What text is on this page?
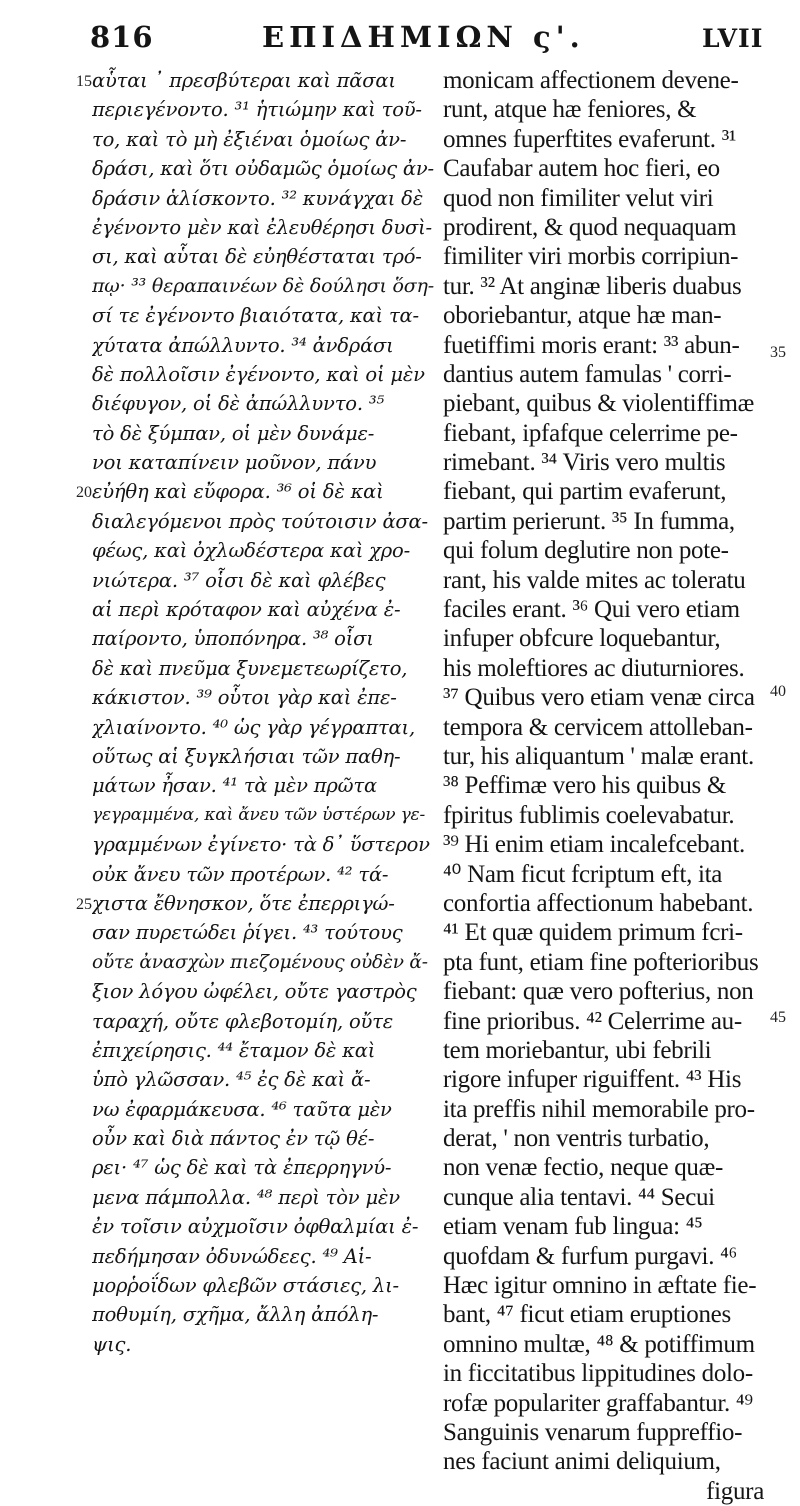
816	ΕΠΙΔΗΜΙΩΝ ς'.	LVII
αὗται ᾽ πρεσβύτεραι καὶ πᾶσαι
περιεγένοντο. ³¹ ἡτιώμην καὶ τοῦ-
το, καὶ τὸ μὴ ἐξιέναι ὁμοίως ἀν-
δράσι, καὶ ὅτι οὐδαμῶς ὁμοίως ἀν-
δράσιν ἁλίσκοντο. ³² κυνάγχαι δὲ
ἐγένοντο μὲν καὶ ἐλευθέρησι δυσὶ-
σι, καὶ αὗται δὲ εὐηθέσταται τρό-
πῳ· ³³ θεραπαινέων δὲ δούλησι ὅση-
σί τε ἐγένοντο βιαιότατα, καὶ τα-
χύτατα ἀπώλλυντο. ³⁴ ἀνδράσι
δὲ πολλοῖσιν ἐγένοντο, καὶ οἱ μὲν
διέφυγον, οἱ δὲ ἀπώλλυντο. ³⁵
τὸ δὲ ξύμπαν, οἱ μὲν δυνάμε-
νοι καταπίνειν μοῦνον, πάνυ
εὐήθη καὶ εὔφορα. ³⁶ οἱ δὲ καὶ
διαλεγόμενοι πρὸς τούτοισιν ἀσα-
φέως, καὶ ὀχλωδέστερα καὶ χρο-
νιώτερα. ³⁷ οἷσι δὲ καὶ φλέβες
αἱ περὶ κρόταφον καὶ αὐχένα ἐ-
παίροντο, ὑποπόνηρα. ³⁸ οἷσι
δὲ καὶ πνεῦμα ξυνεμετεωρίζετο,
κάκιστον. ³⁹ οὗτοι γὰρ καὶ ἐπε-
χλιαίνοντο. ⁴⁰ ὡς γὰρ γέγραπται,
οὕτως αἱ ξυγκλήσιαι τῶν παθη-
μάτων ἦσαν. ⁴¹ τὰ μὲν πρῶτα
γεγραμμένα, καὶ ἄνευ τῶν ὑστέρων γε-
γραμμένων ἐγίνετο· τὰ δ᾽ ὕστερον
οὐκ ἄνευ τῶν προτέρων. ⁴² τά-
χιστα ἔθνησκον, ὅτε ἐπερριγώ-
σαν πυρετώδει ῥίγει. ⁴³ τούτους
οὔτε ἀνασχὼν πιεζομένους οὐδὲν ἄ-
ξιον λόγου ὠφέλει, οὔτε γαστρὸς
ταραχή, οὔτε φλεβοτομίη, οὔτε
ἐπιχείρησις. ⁴⁴ ἔταμον δὲ καὶ
ὑπὸ γλῶσσαν. ⁴⁵ ἐς δὲ καὶ ἄ-
νω ἐφαρμάκευσα. ⁴⁶ ταῦτα μὲν
οὖν καὶ διὰ πάντος ἐν τῷ θέ-
ρει· ⁴⁷ ὡς δὲ καὶ τὰ ἐπερρηγνύ-
μενα πάμπολλα. ⁴⁸ περὶ τὸν μὲν
ἐν τοῖσιν αὐχμοῖσιν ὀφθαλμίαι ἐ-
πεδήμησαν ὀδυνώδεες. ⁴⁹ Αἱ-
μορῥοΐδων φλεβῶν στάσιες, λι-
ποθυμίη, σχῆμα, ἄλλη ἀπόλη-
ψις.
monicam affectionem devene-
runt, atque hæ feniores, &
omnes fuperftites evaferunt. ³¹
Caufabar autem hoc fieri, eo
quod non fimiliter velut viri
prodirent, & quod nequaquam
fimiliter viri morbis corripiun-
tur. ³² At anginæ liberis duabus
oboriebantur, atque hæ man-
fuetiffimi moris erant: ³³ abun-
dantius autem famulas ' corri-
piebant, quibus & violentiffimæ
fiebant, ipfafque celerrime pe-
rimebant. ³⁴ Viris vero multis
fiebant, qui partim evaferunt,
partim perierunt. ³⁵ In fumma,
qui folum deglutire non pote-
rant, his valde mites ac toleratu
faciles erant. ³⁶ Qui vero etiam
infuper obfcure loquebantur,
his moleftiores ac diuturniores.
³⁷ Quibus vero etiam venæ circa
tempora & cervicem attolleban-
tur, his aliquantum ' malæ erant.
³⁸ Peffimæ vero his quibus &
fpiritus fublimis coelevabatur.
³⁹ Hi enim etiam incalefcebant.
⁴⁰ Nam ficut fcriptum eft, ita
confortia affectionum habebant.
⁴¹ Et quæ quidem primum fcri-
pta funt, etiam fine pofterioribus
fiebant: quæ vero pofterius, non
fine prioribus. ⁴² Celerrime au-
tem moriebantur, ubi febrili
rigore infuper riguiffent. ⁴³ His
ita preffis nihil memorabile pro-
derat, ' non ventris turbatio,
non venæ fectio, neque quæ-
cunque alia tentavi. ⁴⁴ Secui
etiam venam fub lingua: ⁴⁵
quofdam & furfum purgavi. ⁴⁶
Hæc igitur omnino in æftate fie-
bant, ⁴⁷ ficut etiam eruptiones
omnino multæ, ⁴⁸ & potiffimum
in ficcitatibus lippitudines dolo-
rofæ populariter graffabantur. ⁴⁹
Sanguinis venarum fuppreffio-
nes faciunt animi deliquium,
figura
15
20
25
35
40
45
